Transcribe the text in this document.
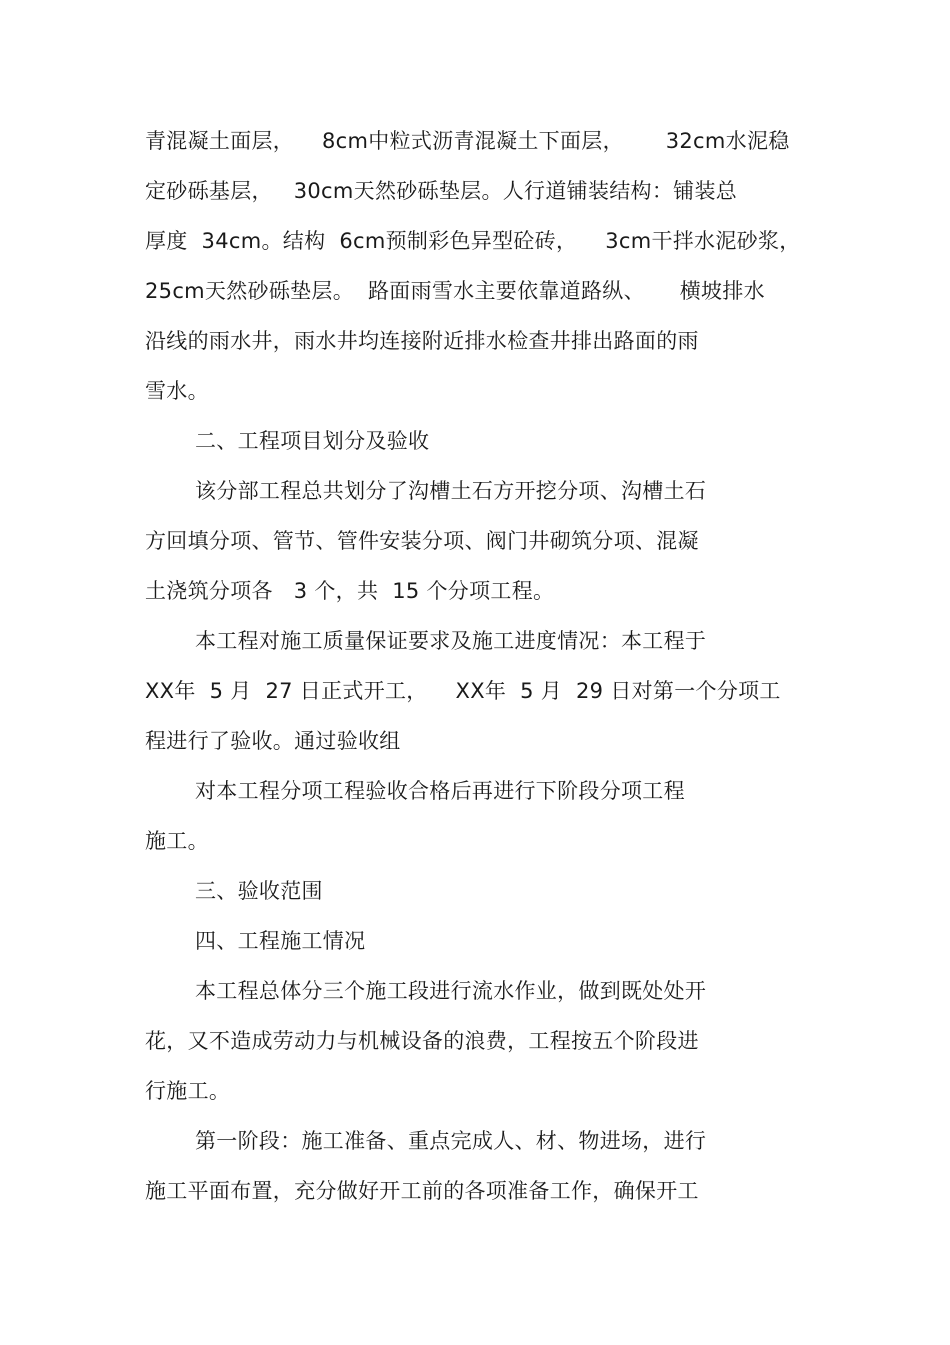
青混凝土面层，    8cm中粒式沥青混凝土下面层，      32cm水泥稳
定砂砾基层，   30cm天然砂砾垫层。人行道铺装结构：铺装总
厚度  34cm。结构  6cm预制彩色异型砼砖，    3cm干拌水泥砂浆，
25cm天然砂砾垫层。  路面雨雪水主要依靠道路纵、     横坡排水
沿线的雨水井，雨水井均连接附近排水检查井排出路面的雨
雪水。
二、工程项目划分及验收
该分部工程总共划分了沟槽土石方开挖分项、沟槽土石
方回填分项、管节、管件安装分项、阀门井砌筑分项、混凝
土浇筑分项各   3 个，共  15 个分项工程。
本工程对施工质量保证要求及施工进度情况：本工程于
XX年  5 月  27 日正式开工，    XX年  5 月  29 日对第一个分项工
程进行了验收。通过验收组
对本工程分项工程验收合格后再进行下阶段分项工程
施工。
三、验收范围
四、工程施工情况
本工程总体分三个施工段进行流水作业，做到既处处开
花，又不造成劳动力与机械设备的浪费，工程按五个阶段进
行施工。
第一阶段：施工准备、重点完成人、材、物进场，进行
施工平面布置，充分做好开工前的各项准备工作，确保开工
